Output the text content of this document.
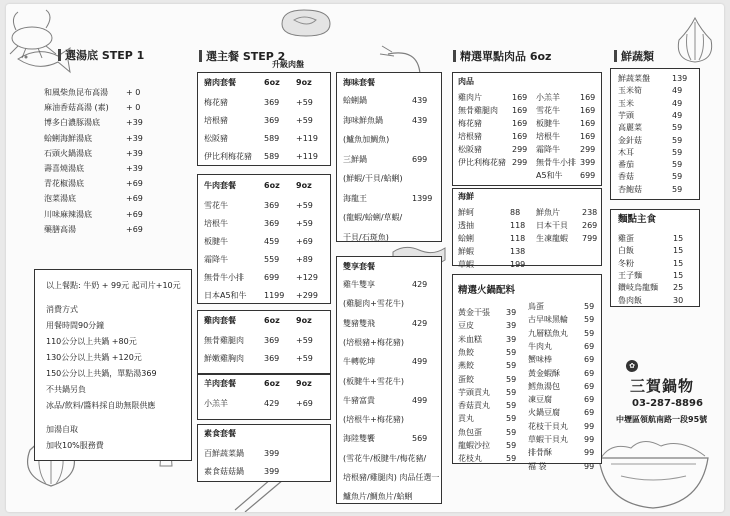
選湯底 STEP 1	選主餐 STEP 2
升級肉盤
精選單點肉品 6oz	鮮蔬類
✿
三賀鍋物
03-287-8896
中壢區領航南路一段95號
和風柴魚昆布高湯 + 0
麻油香菇高湯 (素) + 0
博多白濃豚湯底	+39
蛤蜊海鮮湯底	+39
石頭火鍋湯底	+39
壽喜燒湯底	+39
青花椒湯底	+69
泡菜湯底	+69
川味麻辣湯底	+69
藥膳高湯	+69
以上餐點: 牛奶 + 99元 起司片+10元
消費方式
用餐時間90分鐘
110公分以上共鍋 +80元
130公分以上共鍋 +120元
150公分以上共鍋，單點湯369
不共鍋另負
冰品/飲料/醬料採自助無限供應
加湯自取
加收10%服務費
豬肉套餐	6oz 9oz
梅花豬	369 +59
培根豬	369 +59
松阪豬	589 +119
伊比利梅花豬 589 +119
牛肉套餐	6oz 9oz
雪花牛	369 +59
培根牛	369 +59
板腱牛	459 +69
霜降牛	559 +89
無骨牛小排	699 +129
日本A5和牛 1199 +299
雞肉套餐	6oz 9oz
無骨雞腿肉	369 +59
鮮嫩雞胸肉	369 +59
羊肉套餐	6oz 9oz
小羔羊	429 +69
素食套餐
百鮮蔬菜鍋	399
素食菇菇鍋	399
海味套餐
蛤蜊鍋	439
海味鮮魚鍋	439
(鱸魚加鯛魚)
三鮮鍋	699
(鮮蝦/干貝/蛤蜊)
海龍王	1399
(龍蝦/蛤蜊/草蝦/
干貝/石斑魚)
雙享套餐
雞牛雙享	429
(雞腿肉+雪花牛)
雙豬雙飛	429
(培根豬+梅花豬)
牛轉乾坤	499
(板腱牛+雪花牛)
牛豬富貴	499
(培根牛+梅花豬)
海陸雙饗	569
(雪花牛/板腱牛/梅花豬/
培根豬/雞腿肉) 肉品任選一
鱸魚片/鯛魚片/蛤蜊
肉品
雞肉片	169
無骨雞腿肉 169
梅花豬	169
培根豬	169
松阪豬	299
伊比利梅花豬 299
小羔羊	169
雪花牛	169
板腱牛	169
培根牛	169
霜降牛	299
無骨牛小排 399
A5和牛 699
海鮮
鮮蚵	88
透抽	118
蛤蜊	118
鮮蝦	138
草蝦	199
鮮魚片	238
日本干貝 269
生凍龍蝦 799
精選火鍋配料
黃金干張 39
豆皮	39
米血糕	39
魚餃	59
燕餃	59
蛋餃	59
芋頭貢丸 59
香菇貢丸 59
貢丸	59
魚包蛋	59
龍蝦沙拉 59
花枝丸	59
鳥蛋	59
古早味黑輪 59
九層糕魚丸 59
牛肉丸	69
蟹味棒	69
黃金蝦酥	69
鱈魚湯包	69
凍豆腐	69
火鍋豆腐	69
花枝干貝丸 99
草蝦干貝丸 99
排骨酥	99
福 袋	99
鮮蔬菜盤	139
玉米筍	49
玉米	49
芋頭	49
高麗菜	59
金針菇	59
木耳	59
番茄	59
香菇	59
杏鮑菇	59
麵點主食
雞蛋	15
白飯	15
冬粉	15
王子麵	15
鑽岐烏龍麵 25
魯肉飯	30
